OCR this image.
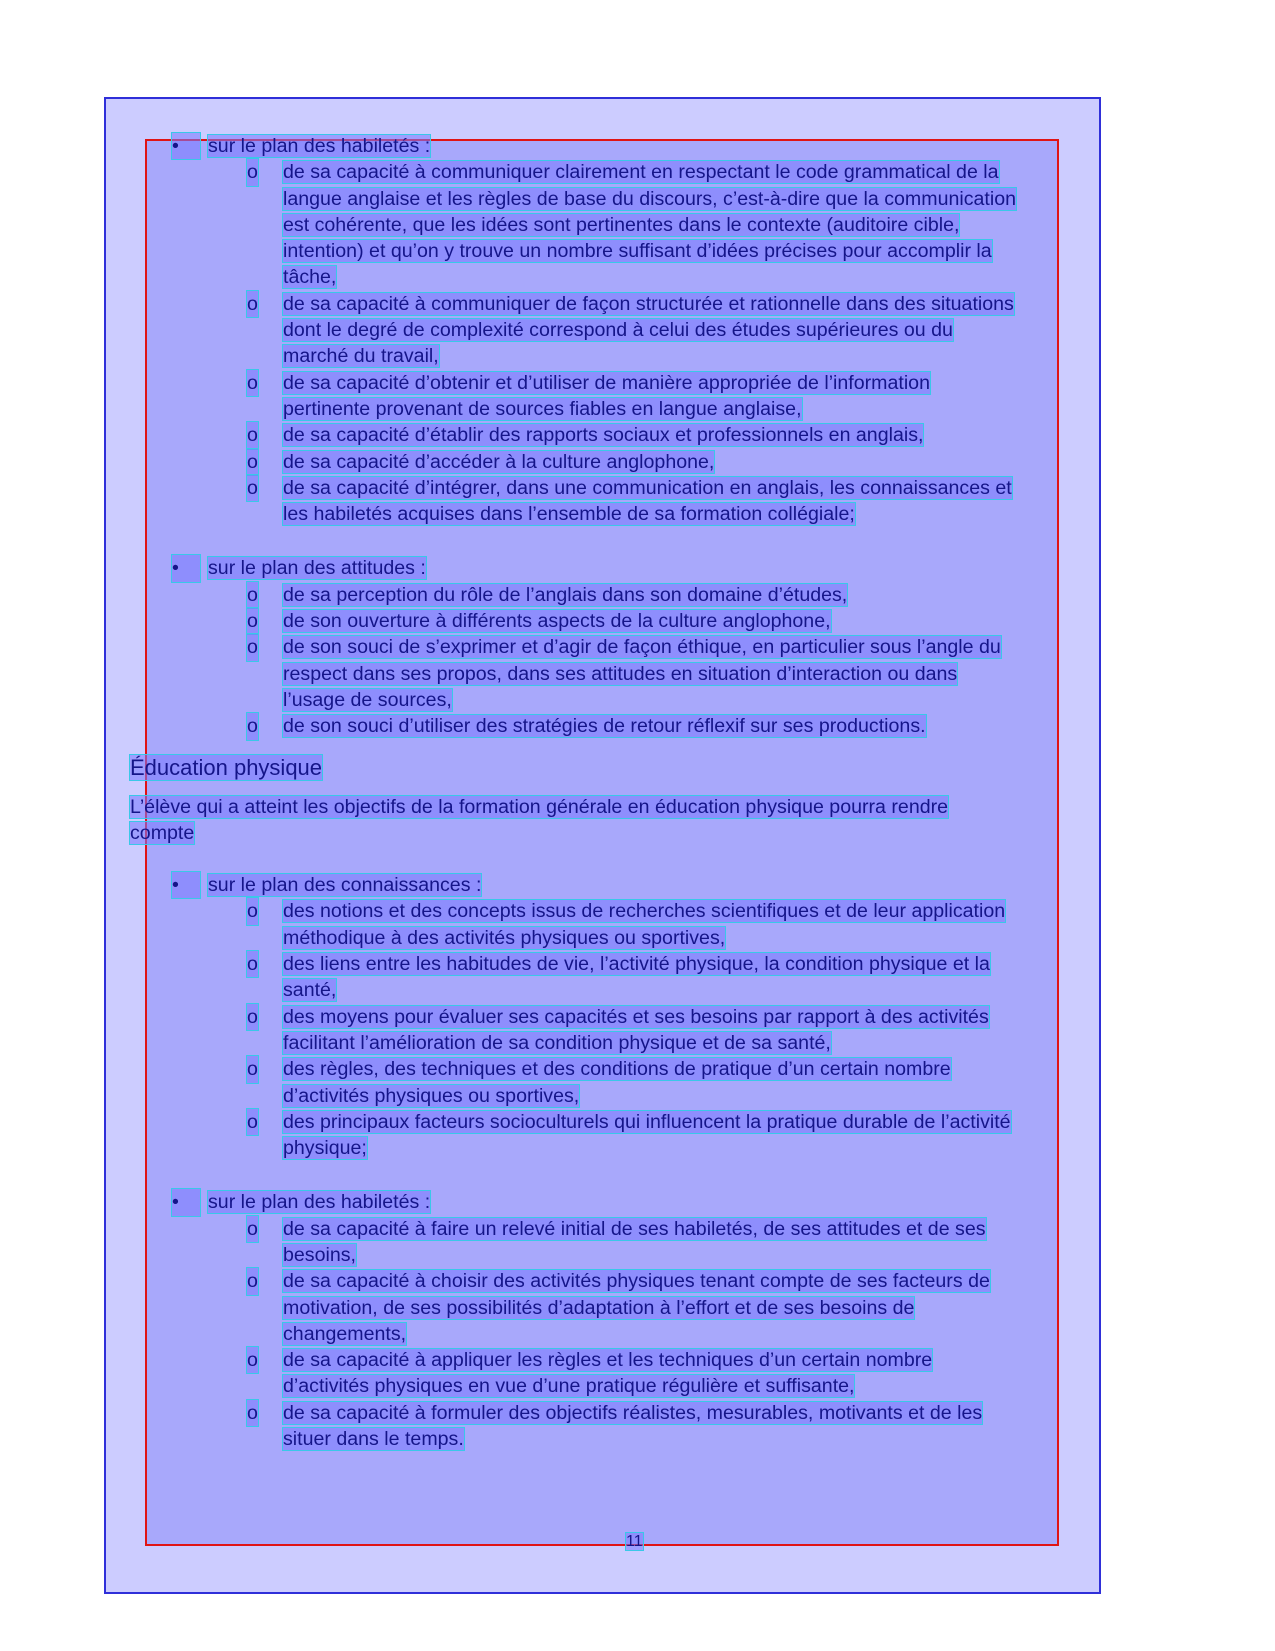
•	sur le plan des habiletés :
o de sa capacité à communiquer clairement en respectant le code grammatical de la
langue anglaise et les règles de base du discours, c’est-à-dire que la communication
est cohérente, que les idées sont pertinentes dans le contexte (auditoire cible,
intention) et qu’on y trouve un nombre suffisant d’idées précises pour accomplir la
tâche,
o de sa capacité à communiquer de façon structurée et rationnelle dans des situations
dont le degré de complexité correspond à celui des études supérieures ou du
marché du travail,
o de sa capacité d’obtenir et d’utiliser de manière appropriée de l’information
pertinente provenant de sources fiables en langue anglaise,
o de sa capacité d’établir des rapports sociaux et professionnels en anglais,
o de sa capacité d’accéder à la culture anglophone,
o de sa capacité d’intégrer, dans une communication en anglais, les connaissances et
les habiletés acquises dans l’ensemble de sa formation collégiale;
•	sur le plan des attitudes :
o de sa perception du rôle de l’anglais dans son domaine d’études,
o de son ouverture à différents aspects de la culture anglophone,
o de son souci de s’exprimer et d’agir de façon éthique, en particulier sous l’angle du
respect dans ses propos, dans ses attitudes en situation d’interaction ou dans
l’usage de sources,
o de son souci d’utiliser des stratégies de retour réflexif sur ses productions.
Éducation physique
L’élève qui a atteint les objectifs de la formation générale en éducation physique pourra rendre
compte
•	sur le plan des connaissances :
o des notions et des concepts issus de recherches scientifiques et de leur application
méthodique à des activités physiques ou sportives,
o des liens entre les habitudes de vie, l’activité physique, la condition physique et la
santé,
o des moyens pour évaluer ses capacités et ses besoins par rapport à des activités
facilitant l’amélioration de sa condition physique et de sa santé,
o des règles, des techniques et des conditions de pratique d’un certain nombre
d’activités physiques ou sportives,
o des principaux facteurs socioculturels qui influencent la pratique durable de l’activité
physique;
•	sur le plan des habiletés :
o de sa capacité à faire un relevé initial de ses habiletés, de ses attitudes et de ses
besoins,
o de sa capacité à choisir des activités physiques tenant compte de ses facteurs de
motivation, de ses possibilités d’adaptation à l’effort et de ses besoins de
changements,
o de sa capacité à appliquer les règles et les techniques d’un certain nombre
d’activités physiques en vue d’une pratique régulière et suffisante,
o de sa capacité à formuler des objectifs réalistes, mesurables, motivants et de les
situer dans le temps.
11
